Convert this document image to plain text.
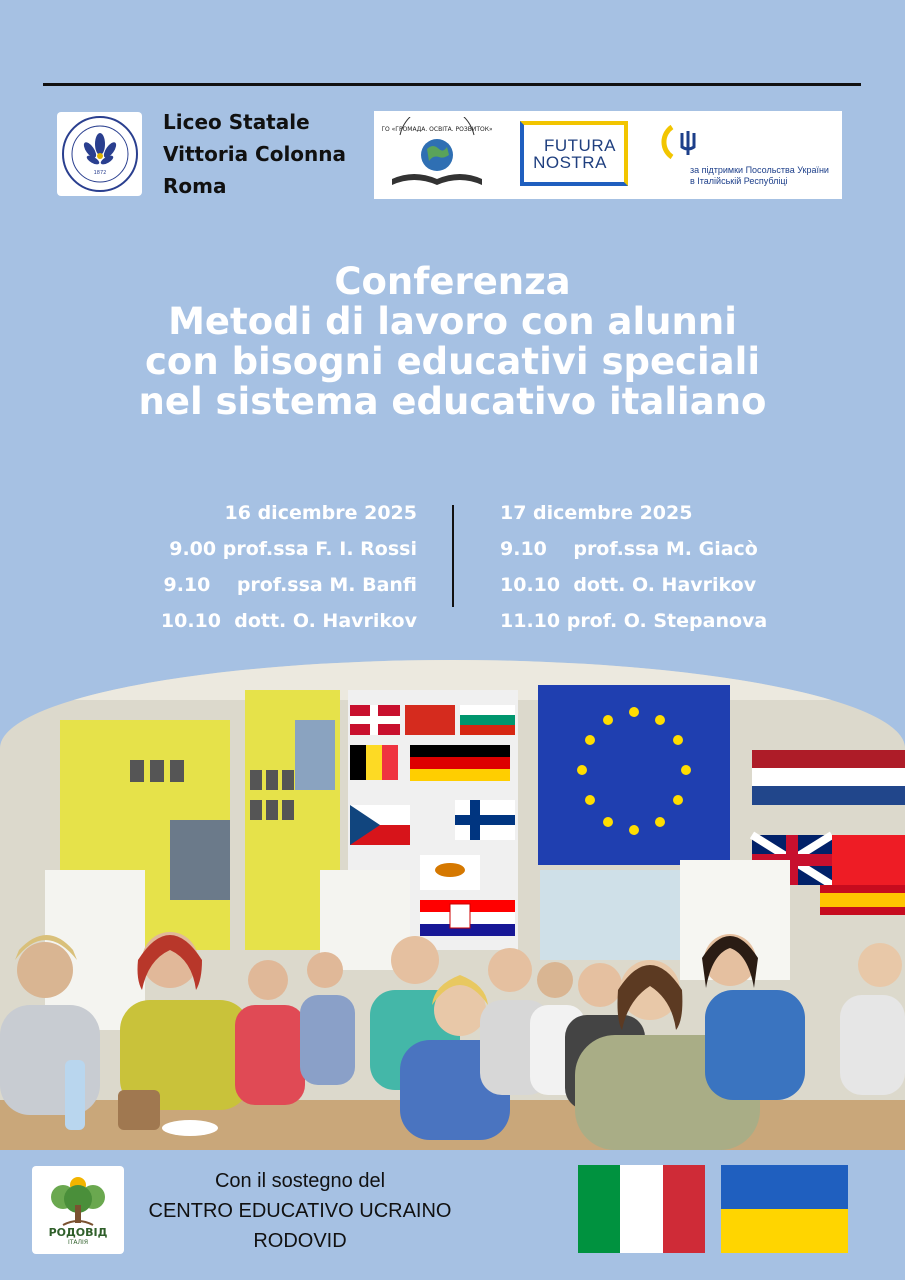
1872
Liceo Statale
Vittoria Colonna
Roma
ГО «ГРОМАДА. ОСВІТА. РОЗВИТОК»
FUTURA
NOSTRA	за підтримки Посольства України
в Італійській Республіці
Conferenza
Metodi di lavoro con alunni
con bisogni educativi speciali
nel sistema educativo italiano
16 dicembre 2025
9.00 prof.ssa F. I. Rossi
9.10    prof.ssa M. Banfi
10.10  dott. O. Havrikov
17 dicembre 2025
9.10    prof.ssa M. Giacò
10.10  dott. O. Havrikov
11.10 prof. O. Stepanova
РОДОВІД
ІТАЛІЯ
Con il sostegno del
CENTRO EDUCATIVO UCRAINO
RODOVID
